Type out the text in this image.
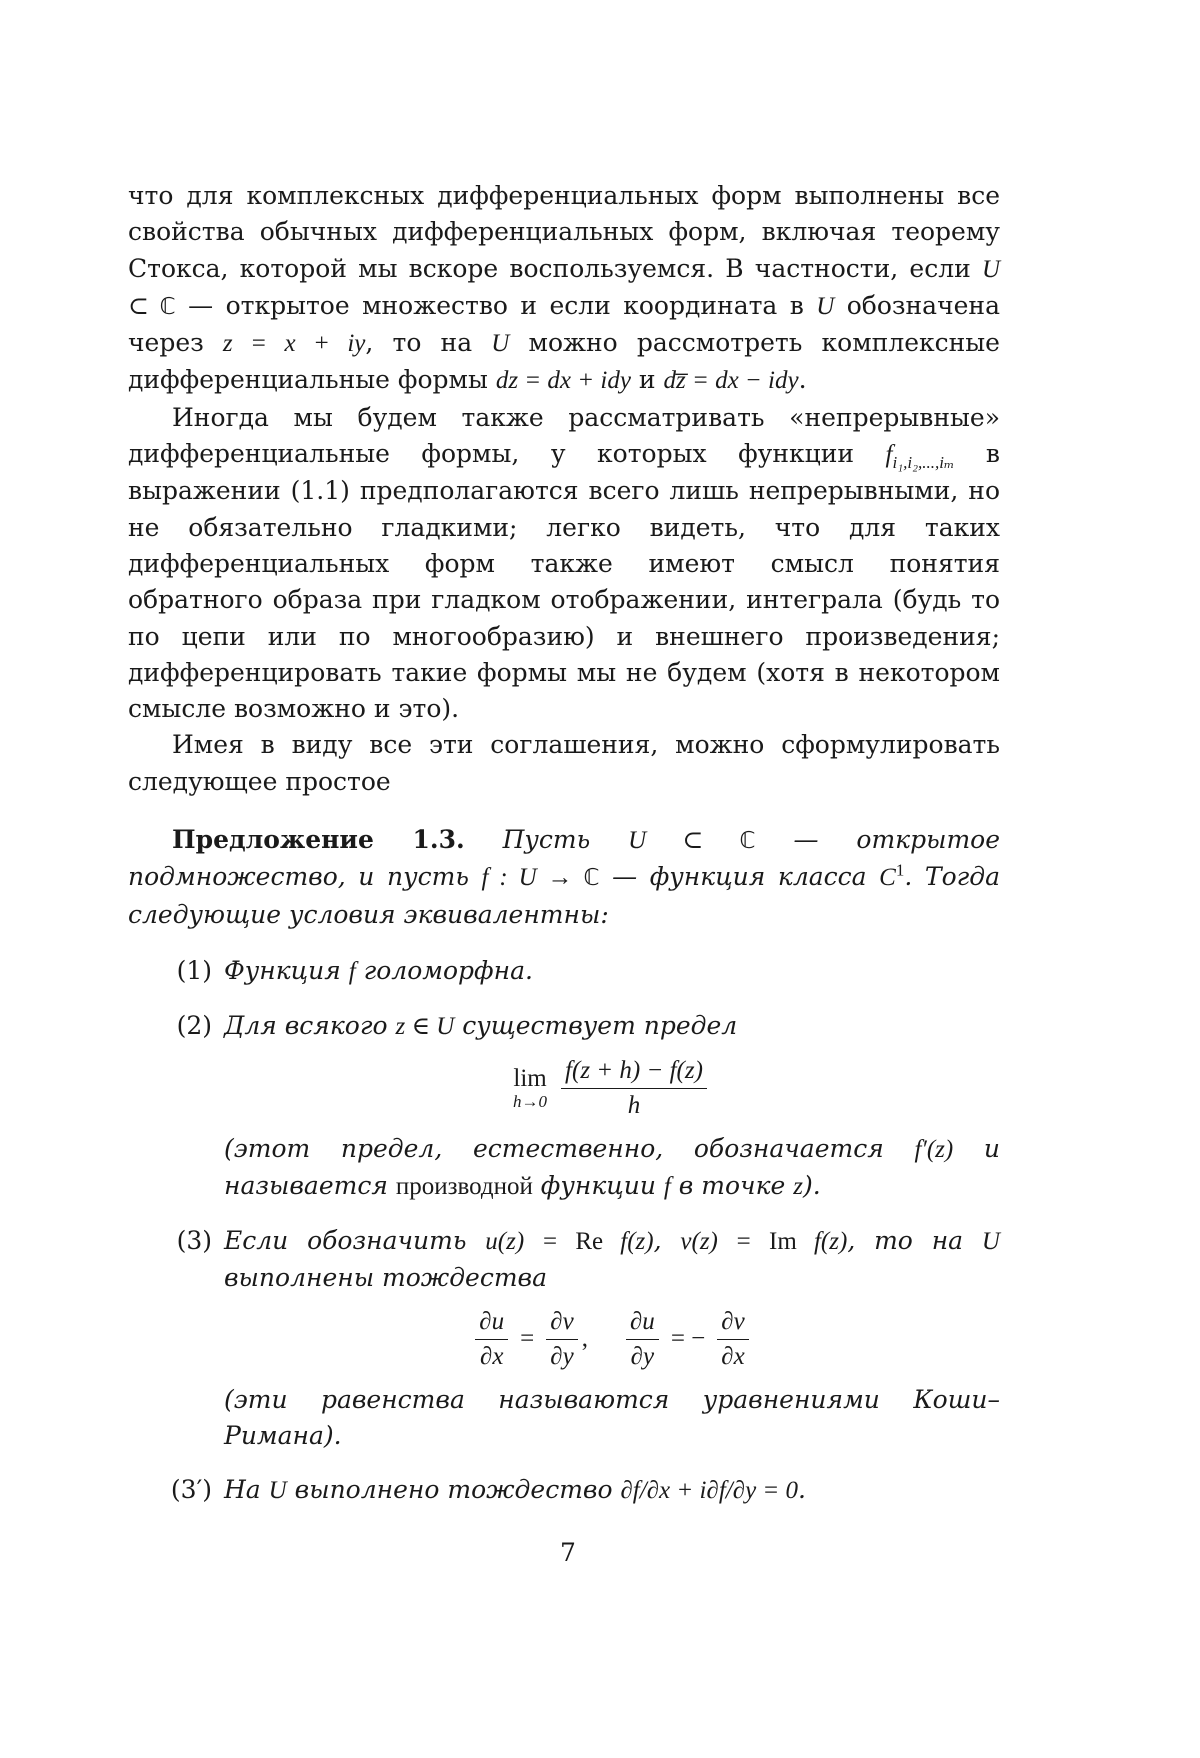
что для комплексных дифференциальных форм выполнены все свойства обычных дифференциальных форм, включая теорему Стокса, которой мы вскоре воспользуемся. В частности, если U ⊂ ℂ — открытое множество и если координата в U обозначена через z = x + iy, то на U можно рассмотреть комплексные дифференциальные формы dz = dx + idy и dz̅ = dx − idy.

Иногда мы будем также рассматривать «непрерывные» дифференциальные формы, у которых функции fi₁,i₂,...,iₘ в выражении (1.1) предполагаются всего лишь непрерывными, но не обязательно гладкими; легко видеть, что для таких дифференциальных форм также имеют смысл понятия обратного образа при гладком отображении, интеграла (будь то по цепи или по многообразию) и внешнего произведения; дифференцировать такие формы мы не будем (хотя в некотором смысле возможно и это).

Имея в виду все эти соглашения, можно сформулировать следующее простое

Предложение 1.3. Пусть U ⊂ ℂ — открытое подмножество, и пусть f : U → ℂ — функция класса C1. Тогда следующие условия эквивалентны:

(1) Функция f голоморфна.

(2) Для всякого z ∈ U существует предел

lim
h→0
f(z + h) − f(z)
h

(этот предел, естественно, обозначается f′(z) и называется производной функции f в точке z).

(3) Если обозначить u(z) = Re f(z), v(z) = Im f(z), то на U выполнены тождества

∂u
∂x
=
∂v
∂y
,
∂u
∂y
= −
∂v
∂x

(эти равенства называются уравнениями Коши–Римана).

(3′) На U выполнено тождество ∂f/∂x + i∂f/∂y = 0.

7
